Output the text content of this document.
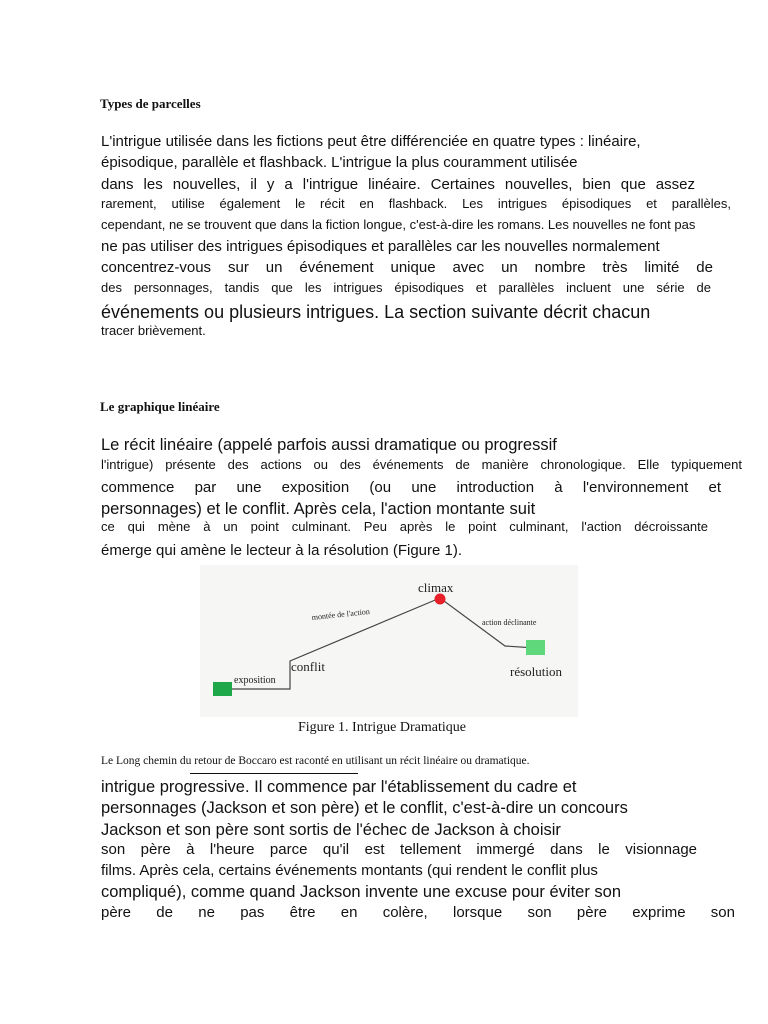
Types de parcelles

L'intrigue utilisée dans les fictions peut être différenciée en quatre types : linéaire,

épisodique, parallèle et flashback. L'intrigue la plus couramment utilisée

dans les nouvelles, il y a l'intrigue linéaire. Certaines nouvelles, bien que assez

rarement, utilise également le récit en flashback. Les intrigues épisodiques et parallèles,

cependant, ne se trouvent que dans la fiction longue, c'est-à-dire les romans. Les nouvelles ne font pas

ne pas utiliser des intrigues épisodiques et parallèles car les nouvelles normalement

concentrez-vous sur un événement unique avec un nombre très limité de

des personnages, tandis que les intrigues épisodiques et parallèles incluent une série de

événements ou plusieurs intrigues. La section suivante décrit chacun

tracer brièvement.

Le graphique linéaire

Le récit linéaire (appelé parfois aussi dramatique ou progressif

l'intrigue) présente des actions ou des événements de manière chronologique. Elle typiquement

commence par une exposition (ou une introduction à l'environnement et

personnages) et le conflit. Après cela, l'action montante suit

ce qui mène à un point culminant. Peu après le point culminant, l'action décroissante

émerge qui amène le lecteur à la résolution (Figure 1).

climax
montée de l'action
action déclinante
exposition
conflit	résolution

Figure 1. Intrigue Dramatique

Le Long chemin du retour de Boccaro est raconté en utilisant un récit linéaire ou dramatique.

intrigue progressive. Il commence par l'établissement du cadre et

personnages (Jackson et son père) et le conflit, c'est-à-dire un concours

Jackson et son père sont sortis de l'échec de Jackson à choisir

son père à l'heure parce qu'il est tellement immergé dans le visionnage

films. Après cela, certains événements montants (qui rendent le conflit plus

compliqué), comme quand Jackson invente une excuse pour éviter son

père de ne pas être en colère, lorsque son père exprime son
